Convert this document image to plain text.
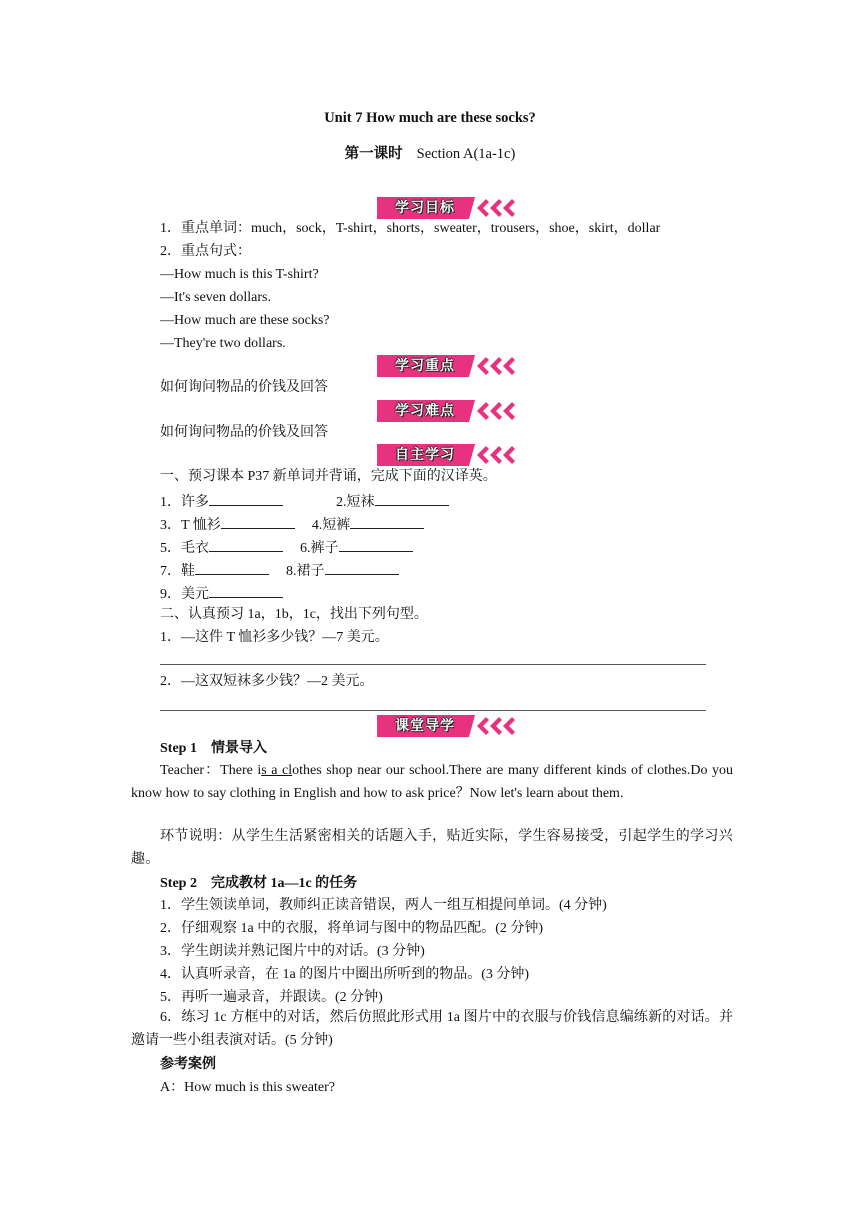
Unit 7 How much are these socks?
第一课时 Section A(1a-1c)
学习目标
1．重点单词：much，sock，T-shirt，shorts，sweater，trousers，shoe，skirt，dollar
2．重点句式：
—How much is this T-shirt?
—It's seven dollars.
—How much are these socks?
—They're two dollars.
学习重点
如何询问物品的价钱及回答
学习难点
如何询问物品的价钱及回答
自主学习
一、预习课本 P37 新单词并背诵，完成下面的汉译英。
1．许多	2.短袜
3．T 恤衫	4.短裤
5．毛衣	6.裤子
7．鞋	8.裙子
9．美元
二、认真预习 1a，1b，1c，找出下列句型。
1．—这件 T 恤衫多少钱？—7 美元。
2．—这双短袜多少钱？—2 美元。
课堂导学
Step 1 情景导入
Teacher：There is a clothes shop near our school.There are many different kinds of clothes.Do you know how to say clothing in English and how to ask price？Now let's learn about them.
环节说明：从学生生活紧密相关的话题入手，贴近实际，学生容易接受，引起学生的学习兴趣。
Step 2 完成教材 1a—1c 的任务
1．学生领读单词，教师纠正读音错误，两人一组互相提问单词。(4 分钟)
2．仔细观察 1a 中的衣服，将单词与图中的物品匹配。(2 分钟)
3．学生朗读并熟记图片中的对话。(3 分钟)
4．认真听录音，在 1a 的图片中圈出所听到的物品。(3 分钟)
5．再听一遍录音，并跟读。(2 分钟)
6．练习 1c 方框中的对话，然后仿照此形式用 1a 图片中的衣服与价钱信息编练新的对话。并邀请一些小组表演对话。(5 分钟)
参考案例
A：How much is this sweater?
